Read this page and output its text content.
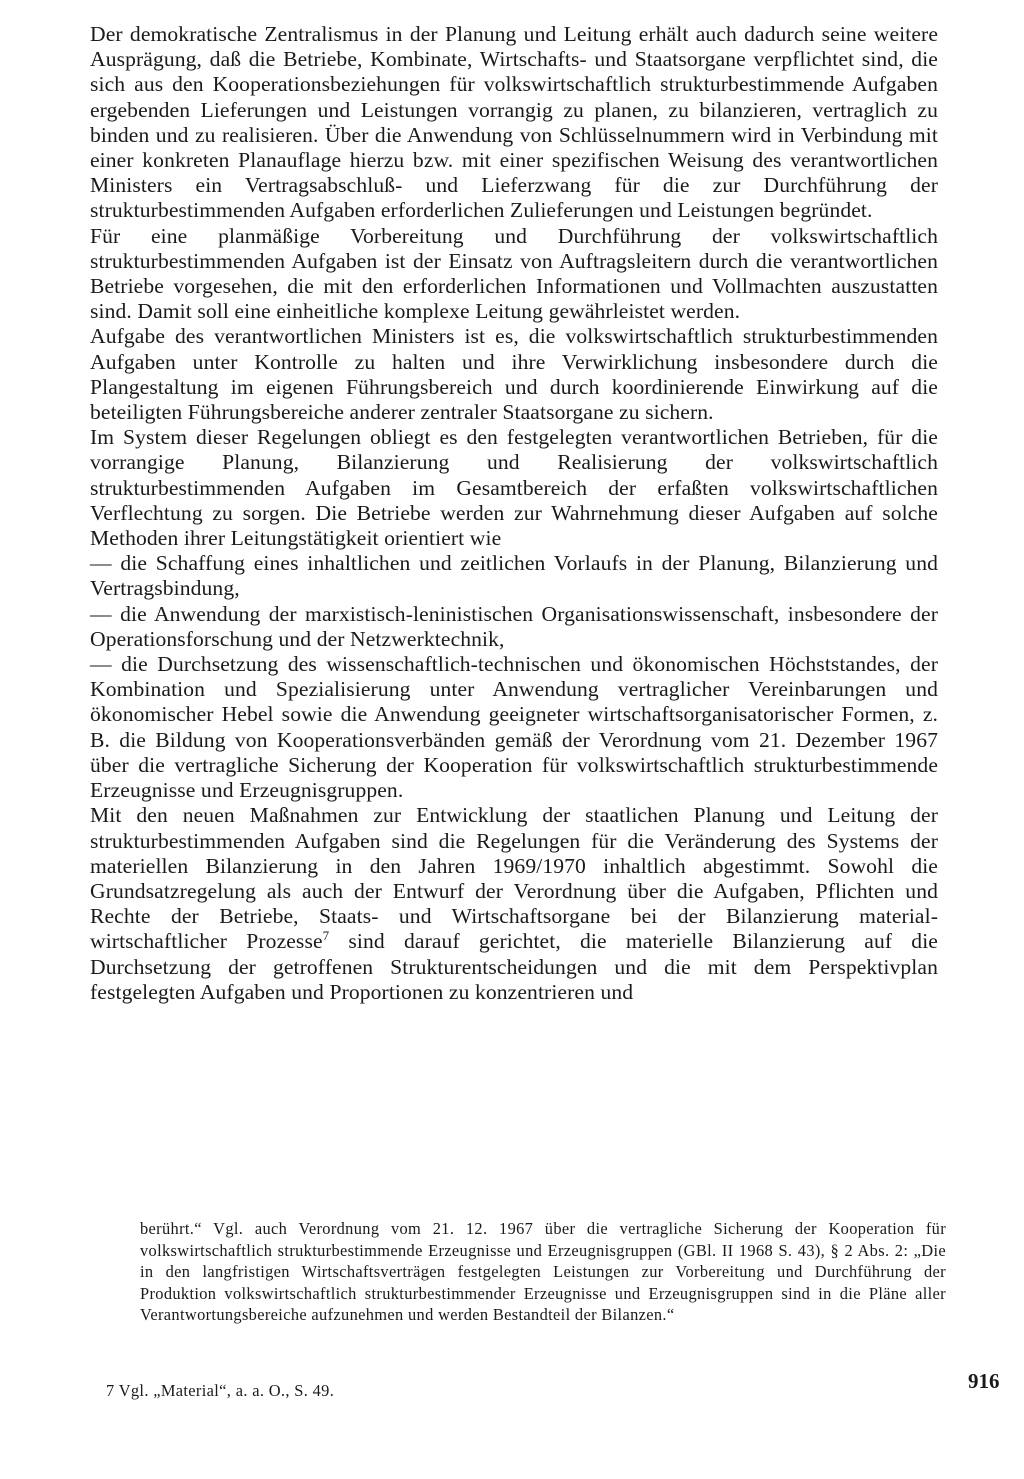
Der demokratische Zentralismus in der Planung und Leitung erhält auch dadurch seine weitere Ausprägung, daß die Betriebe, Kombinate, Wirtschafts- und Staatsorgane verpflichtet sind, die sich aus den Kooperationsbeziehungen für volkswirtschaftlich strukturbestimmende Aufgaben ergebenden Lieferungen und Leistungen vorrangig zu planen, zu bilanzieren, vertraglich zu binden und zu realisieren. Über die Anwendung von Schlüsselnummern wird in Verbindung mit einer konkreten Planauflage hierzu bzw. mit einer spezifischen Weisung des verantwortlichen Ministers ein Vertragsabschluß- und Lieferzwang für die zur Durchführung der strukturbestimmenden Aufgaben erforderlichen Zulieferungen und Leistungen begründet.

Für eine planmäßige Vorbereitung und Durchführung der volkswirtschaftlich strukturbestimmenden Aufgaben ist der Einsatz von Auftragsleitern durch die verantwortlichen Betriebe vorgesehen, die mit den erforderlichen Informationen und Vollmachten auszustatten sind. Damit soll eine einheitliche komplexe Leitung gewährleistet werden.

Aufgabe des verantwortlichen Ministers ist es, die volkswirtschaftlich strukturbestimmenden Aufgaben unter Kontrolle zu halten und ihre Verwirklichung insbesondere durch die Plangestaltung im eigenen Führungsbereich und durch koordinierende Einwirkung auf die beteiligten Führungsbereiche anderer zentraler Staatsorgane zu sichern.

Im System dieser Regelungen obliegt es den festgelegten verantwortlichen Betrieben, für die vorrangige Planung, Bilanzierung und Realisierung der volkswirtschaftlich strukturbestimmenden Aufgaben im Gesamtbereich der erfaßten volkswirtschaftlichen Verflechtung zu sorgen. Die Betriebe werden zur Wahrnehmung dieser Aufgaben auf solche Methoden ihrer Leitungstätigkeit orientiert wie

— die Schaffung eines inhaltlichen und zeitlichen Vorlaufs in der Planung, Bilanzierung und Vertragsbindung,

— die Anwendung der marxistisch-leninistischen Organisationswissenschaft, insbesondere der Operationsforschung und der Netzwerktechnik,

— die Durchsetzung des wissenschaftlich-technischen und ökonomischen Höchststandes, der Kombination und Spezialisierung unter Anwendung vertraglicher Vereinbarungen und ökonomischer Hebel sowie die Anwendung geeigneter wirtschaftsorganisatorischer Formen, z. B. die Bildung von Kooperationsverbänden gemäß der Verordnung vom 21. Dezember 1967 über die vertragliche Sicherung der Kooperation für volkswirtschaftlich strukturbestimmende Erzeugnisse und Erzeugnisgruppen.

Mit den neuen Maßnahmen zur Entwicklung der staatlichen Planung und Leitung der strukturbestimmenden Aufgaben sind die Regelungen für die Veränderung des Systems der materiellen Bilanzierung in den Jahren 1969/1970 inhaltlich abgestimmt. Sowohl die Grundsatzregelung als auch der Entwurf der Verordnung über die Aufgaben, Pflichten und Rechte der Betriebe, Staats- und Wirtschaftsorgane bei der Bilanzierung material-wirtschaftlicher Prozesse$^7$ sind darauf gerichtet, die materielle Bilanzierung auf die Durchsetzung der getroffenen Strukturentscheidungen und die mit dem Perspektivplan festgelegten Aufgaben und Proportionen zu konzentrieren und

berührt.“ Vgl. auch Verordnung vom 21. 12. 1967 über die vertragliche Sicherung der Kooperation für volkswirtschaftlich strukturbestimmende Erzeugnisse und Erzeugnisgruppen (GBl. II 1968 S. 43), § 2 Abs. 2: „Die in den langfristigen Wirtschaftsverträgen festgelegten Leistungen zur Vorbereitung und Durchführung der Produktion volkswirtschaftlich strukturbestimmender Erzeugnisse und Erzeugnisgruppen sind in die Pläne aller Verantwortungsbereiche aufzunehmen und werden Bestandteil der Bilanzen.“

7 Vgl. „Material“, a. a. O., S. 49.	916
